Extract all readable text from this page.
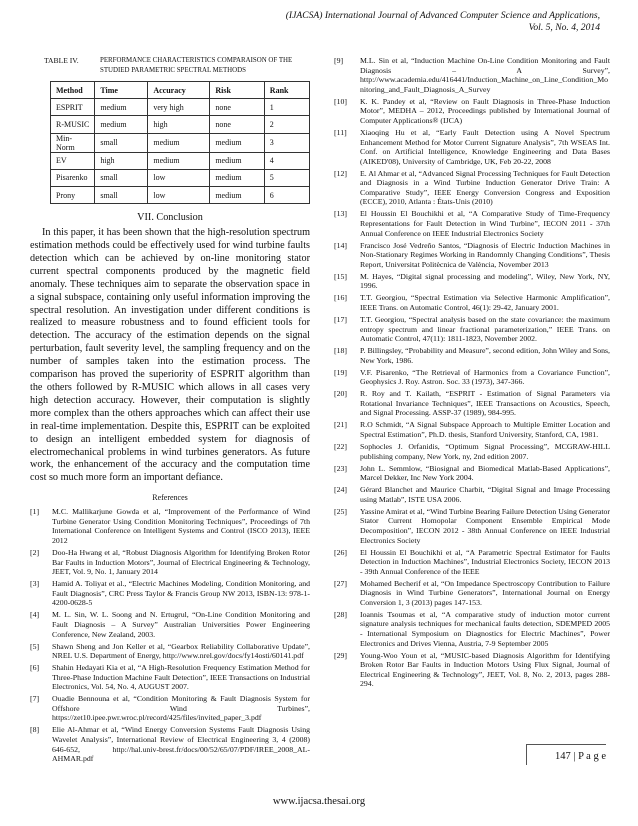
(IJACSA) International Journal of Advanced Computer Science and Applications,
Vol. 5, No. 4, 2014
TABLE IV.	PERFORMANCE CHARACTERISTICS COMPARAISON OF THE STUDIED PARAMETRIC SPECTRAL METHODS
Method	Time	Accuracy	Risk	Rank
ESPRIT	medium	very high	none	1
R-MUSIC	medium	high	none	2
Min-Norm	small	medium	medium	3
EV	high	medium	medium	4
Pisarenko	small	low	medium	5
Prony	small	low	medium	6
VII. Conclusion

In this paper, it has been shown that the high-resolution spectrum estimation methods could be effectively used for wind turbine faults detection which can be achieved by on-line monitoring stator current spectral components produced by the magnetic field anomaly. These techniques aim to separate the observation space in a signal subspace, containing only useful information improving the spectral resolution. An investigation under different conditions is realized to measure robustness and to found efficient tools for detection. The accuracy of the estimation depends on the signal perturbation, fault severity level, the sampling frequency and on the number of samples taken into the estimation process. The comparison has proved the superiority of ESPRIT algorithm than the others followed by R-MUSIC which allows in all cases very high detection accuracy. However, their computation is slightly more complex than the others approaches which can affect their use in real-time implementation. Despite this, ESPRIT can be exploited to design an intelligent embedded system for diagnosis of electromechanical problems in wind turbines generators. As future work, the enhancement of the accuracy and the computation time cost so much more form an important defiance.

References
[1]	M.C. Mallikarjune Gowda et al, “Improvement of the Performance of Wind Turbine Generator Using Condition Monitoring Techniques”, Proceedings of 7th International Conference on Intelligent Systems and Control (ISCO 2013), IEEE 2012
[2]	Doo-Ha Hwang et al, “Robust Diagnosis Algorithm for Identifying Broken Rotor Bar Faults in Induction Motors”, Journal of Electrical Engineering & Technology, JEET, Vol. 9, No. 1, January 2014
[3]	Hamid A. Toliyat et al., “Electric Machines Modeling, Condition Monitoring, and Fault Diagnosis”, CRC Press Taylor & Francis Group NW 2013, ISBN-13: 978-1-4200-0628-5
[4]	M. L. Sin, W. L. Soong and N. Ertugrul, “On-Line Condition Monitoring and Fault Diagnosis – A Survey” Australian Universities Power Engineering Conference, New Zealand, 2003.
[5]	Shawn Sheng and Jon Keller et al, “Gearbox Reliability Collaborative Update”, NREL U.S. Department of Energy, http://www.nrel.gov/docs/fy14osti/60141.pdf
[6]	Shahin Hedayati Kia et al, “A High-Resolution Frequency Estimation Method for Three-Phase Induction Machine Fault Detection”, IEEE Transactions on Industrial Electronics, Vol. 54, No. 4, AUGUST 2007.
[7]	Ouadie Bennouna et al, “Condition Monitoring & Fault Diagnosis System for Offshore Wind Turbines”, https://zet10.ipee.pwr.wroc.pl/record/425/files/invited_paper_3.pdf
[8]	Elie Al-Ahmar et al, “Wind Energy Conversion Systems Fault Diagnosis Using Wavelet Analysis”, International Review of Electrical Engineering 3, 4 (2008) 646-652, http://hal.univ-brest.fr/docs/00/52/65/07/PDF/IREE_2008_AL-AHMAR.pdf
[9]	M.L. Sin et al, “Induction Machine On-Line Condition Monitoring and Fault Diagnosis – A Survey”, http://www.academia.edu/416441/Induction_Machine_on_Line_Condition_Monitoring_and_Fault_Diagnosis_A_Survey
[10]	K. K. Pandey et al, “Review on Fault Diagnosis in Three-Phase Induction Motor”, MEDHA – 2012, Proceedings published by International Journal of Computer Applications® (IJCA)
[11]	Xiaoqing Hu et al, “Early Fault Detection using A Novel Spectrum Enhancement Method for Motor Current Signature Analysis”, 7th WSEAS Int. Conf. on Artificial Intelligence, Knowledge Engineering and Data Bases (AIKED'08), University of Cambridge, UK, Feb 20-22, 2008
[12]	E. Al Ahmar et al, “Advanced Signal Processing Techniques for Fault Detection and Diagnosis in a Wind Turbine Induction Generator Drive Train: A Comparative Study”, IEEE Energy Conversion Congress and Exposition (ECCE), 2010, Atlanta : États-Unis (2010)
[13]	El Houssin El Bouchikhi et al, “A Comparative Study of Time-Frequency Representations for Fault Detection in Wind Turbine”, IECON 2011 - 37th Annual Conference on IEEE Industrial Electronics Society
[14]	Francisco José Vedreño Santos, “Diagnosis of Electric Induction Machines in Non-Stationary Regimes Working in Randomnly Changing Conditions”, Thesis Report, Universitat Politècnica de València, November 2013
[15]	M. Hayes, “Digital signal processing and modeling”, Wiley, New York, NY, 1996.
[16]	T.T. Georgiou, “Spectral Estimation via Selective Harmonic Amplification”, IEEE Trans. on Automatic Control, 46(1): 29-42, January 2001.
[17]	T.T. Georgiou, “Spectral analysis based on the state covariance: the maximum entropy spectrum and linear fractional parameterization,” IEEE Trans. on Automatic Control, 47(11): 1811-1823, November 2002.
[18]	P. Billingsley, “Probability and Measure”, second edition, John Wiley and Sons, New York, 1986.
[19]	V.F. Pisarenko, “The Retrieval of Harmonics from a Covariance Function”, Geophysics J. Roy. Astron. Soc. 33 (1973), 347-366.
[20]	R. Roy and T. Kailath, “ESPRIT - Estimation of Signal Parameters via Rotational Invariance Techniques”, IEEE Transactions on Acoustics, Speech, and Signal Processing. ASSP-37 (1989), 984-995.
[21]	R.O Schmidt, “A Signal Subspace Approach to Multiple Emitter Location and Spectral Estimation”, Ph.D. thesis, Stanford University, Stanford, CA, 1981.
[22]	Sophocles J. Orfanidis, “Optimum Signal Processing”, MCGRAW-HILL publishing company, New York, ny, 2nd edition 2007.
[23]	John L. Semmlow, “Biosignal and Biomedical Matlab-Based Applications”, Marcel Dekker, Inc New York 2004.
[24]	Gérard Blanchet and Maurice Charbit, “Digital Signal and Image Processing using Matlab”, ISTE USA 2006.
[25]	Yassine Amirat et al, “Wind Turbine Bearing Failure Detection Using Generator Stator Current Homopolar Component Ensemble Empirical Mode Decomposition”, IECON 2012 - 38th Annual Conference on IEEE Industrial Electronics Society
[26]	El Houssin El Bouchikhi et al, “A Parametric Spectral Estimator for Faults Detection in Induction Machines”, Industrial Electronics Society, IECON 2013 - 39th Annual Conference of the IEEE
[27]	Mohamed Becherif et al, “On Impedance Spectroscopy Contribution to Failure Diagnosis in Wind Turbine Generators”, International Journal on Energy Conversion 1, 3 (2013) pages 147-153.
[28]	Ioannis Tsoumas et al, “A comparative study of induction motor current signature analysis techniques for mechanical faults detection, SDEMPED 2005 - International Symposium on Diagnostics for Electric Machines”, Power Electronics and Drives Vienna, Austria, 7-9 September 2005
[29]	Young-Woo Youn et al, “MUSIC-based Diagnosis Algorithm for Identifying Broken Rotor Bar Faults in Induction Motors Using Flux Signal, Journal of Electrical Engineering & Technology”, JEET, Vol. 8, No. 2, 2013, pages 288-294.
147 | P a g e
www.ijacsa.thesai.org
